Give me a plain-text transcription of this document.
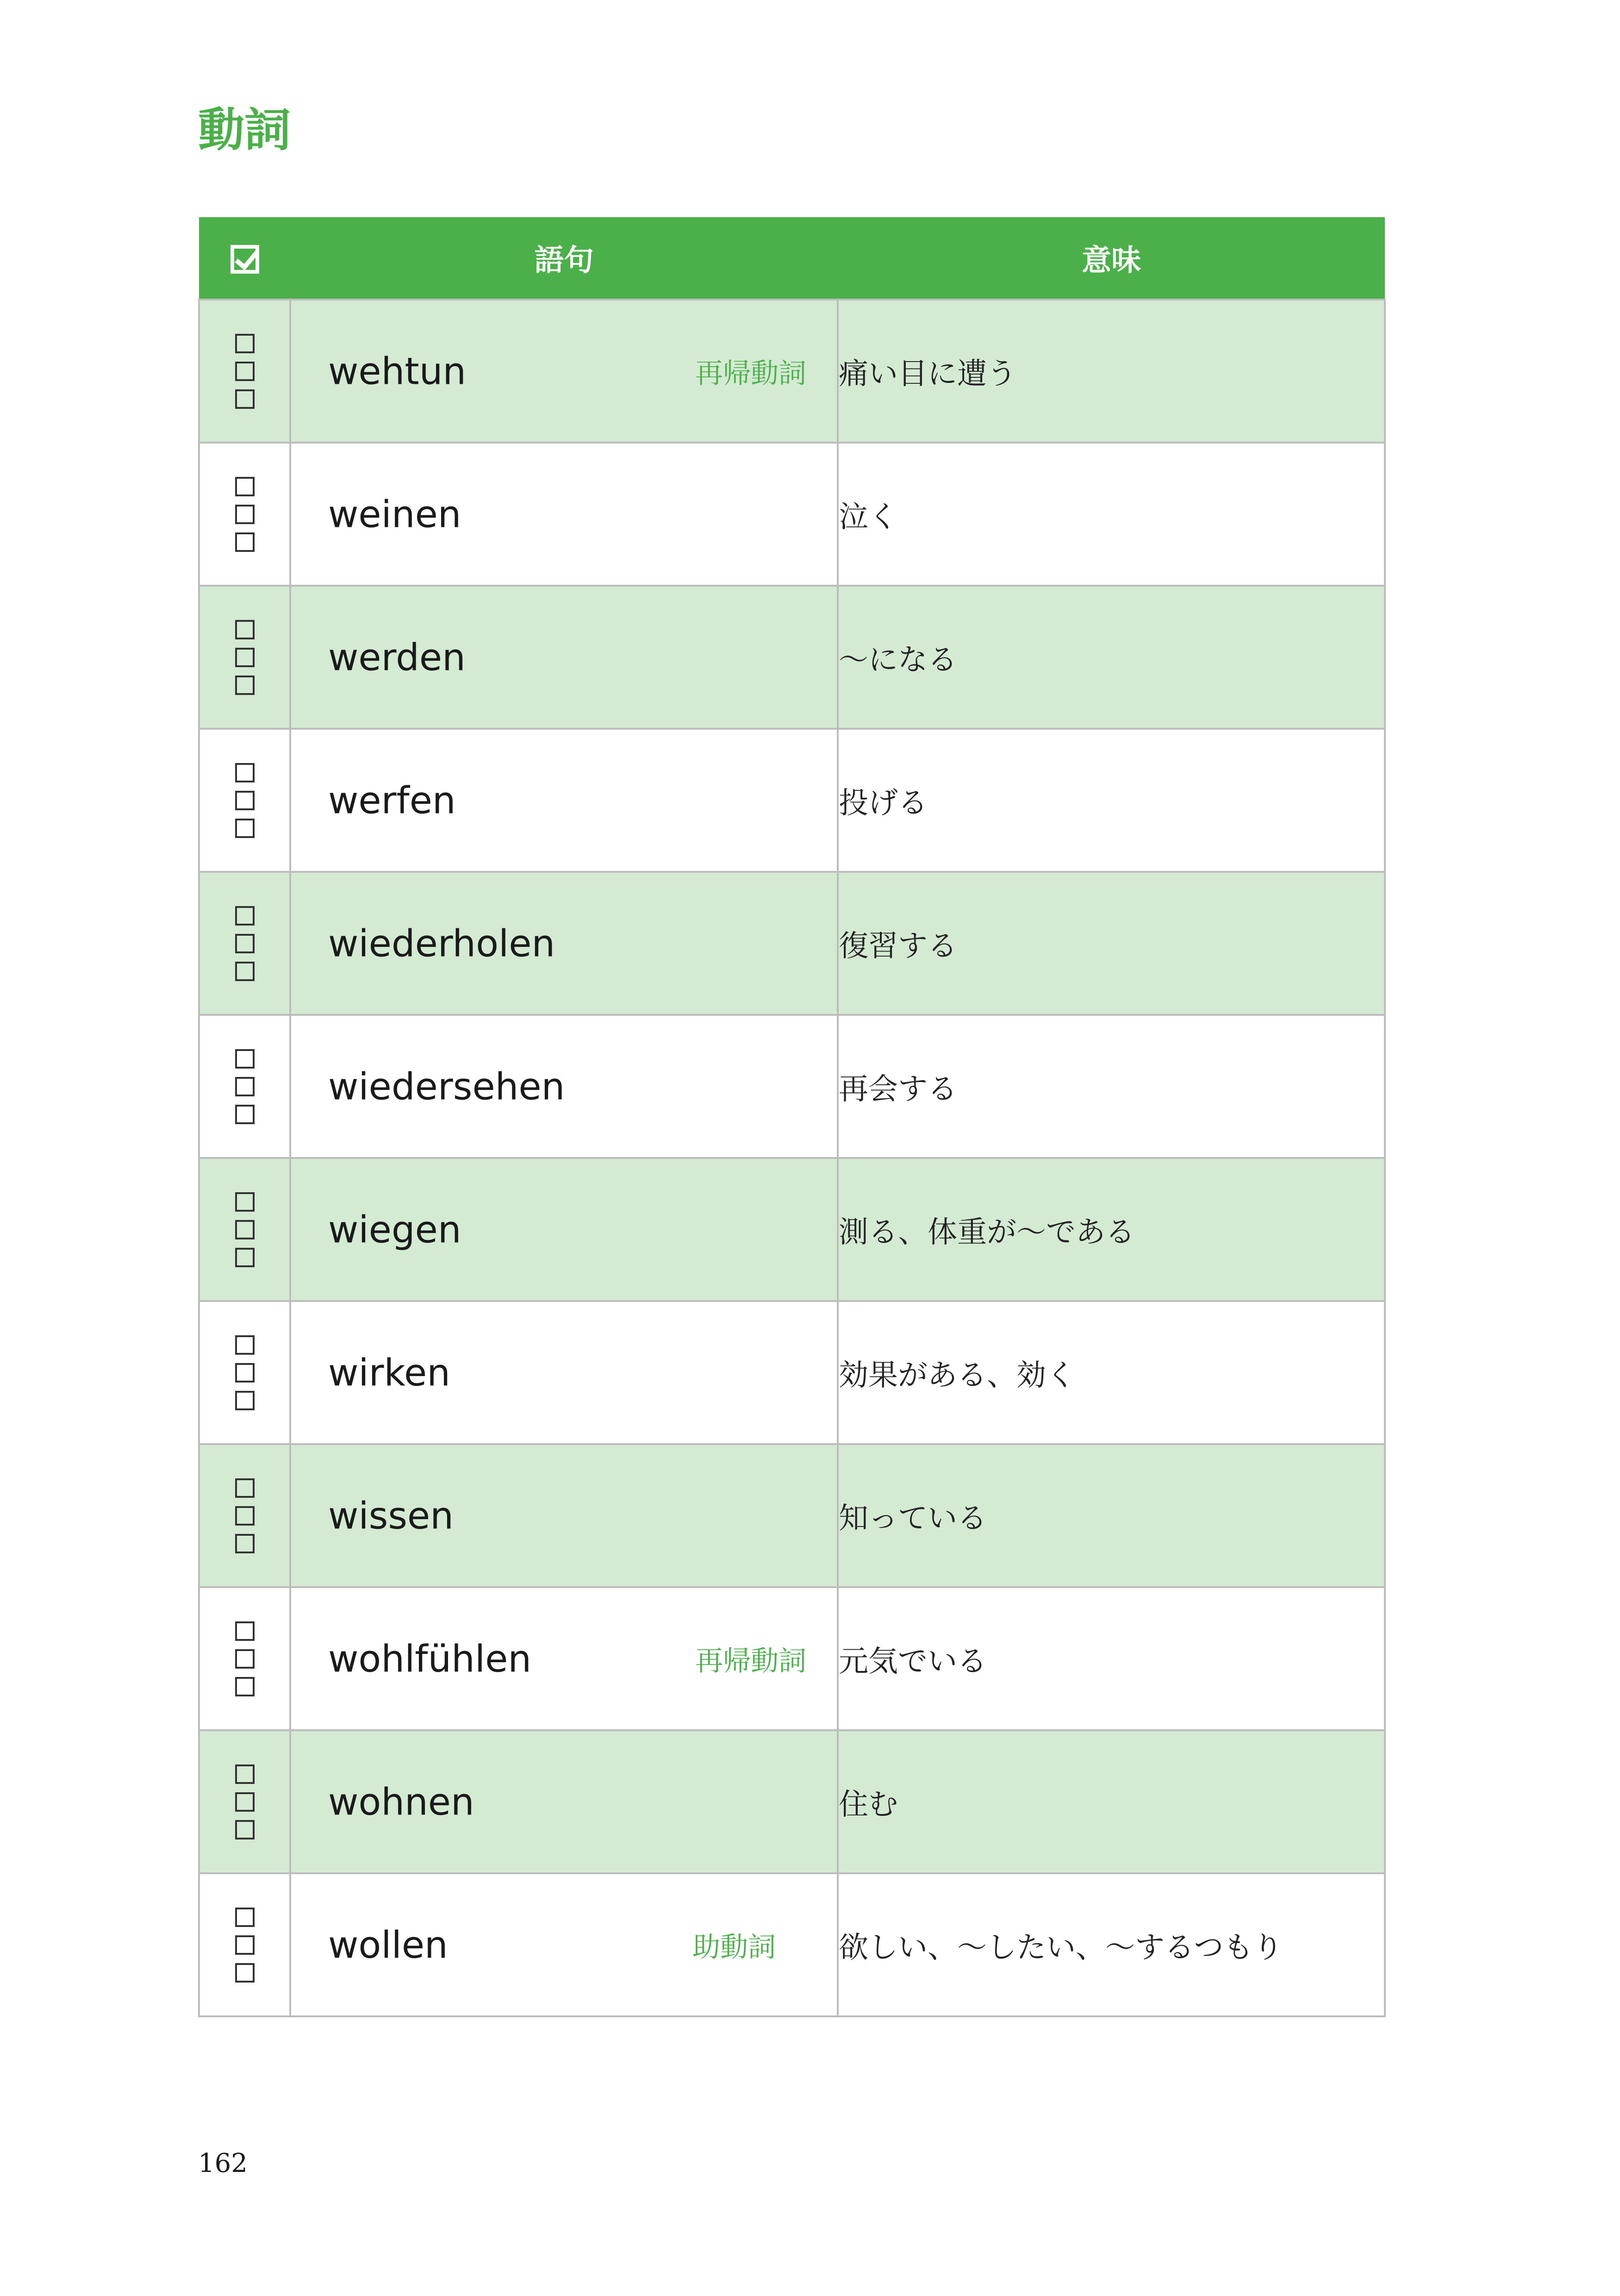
動詞
	語句	意味

	wehtun 再帰動詞	痛い目に遭う

	weinen	泣く

	werden	～になる

	werfen	投げる

	wiederholen	復習する

	wiedersehen	再会する

	wiegen	測る、体重が～である

	wirken	効果がある、効く

	wissen	知っている

	wohlfühlen 再帰動詞	元気でいる

	wohnen	住む

	wollen 助動詞	欲しい、～したい、～するつもり
162
